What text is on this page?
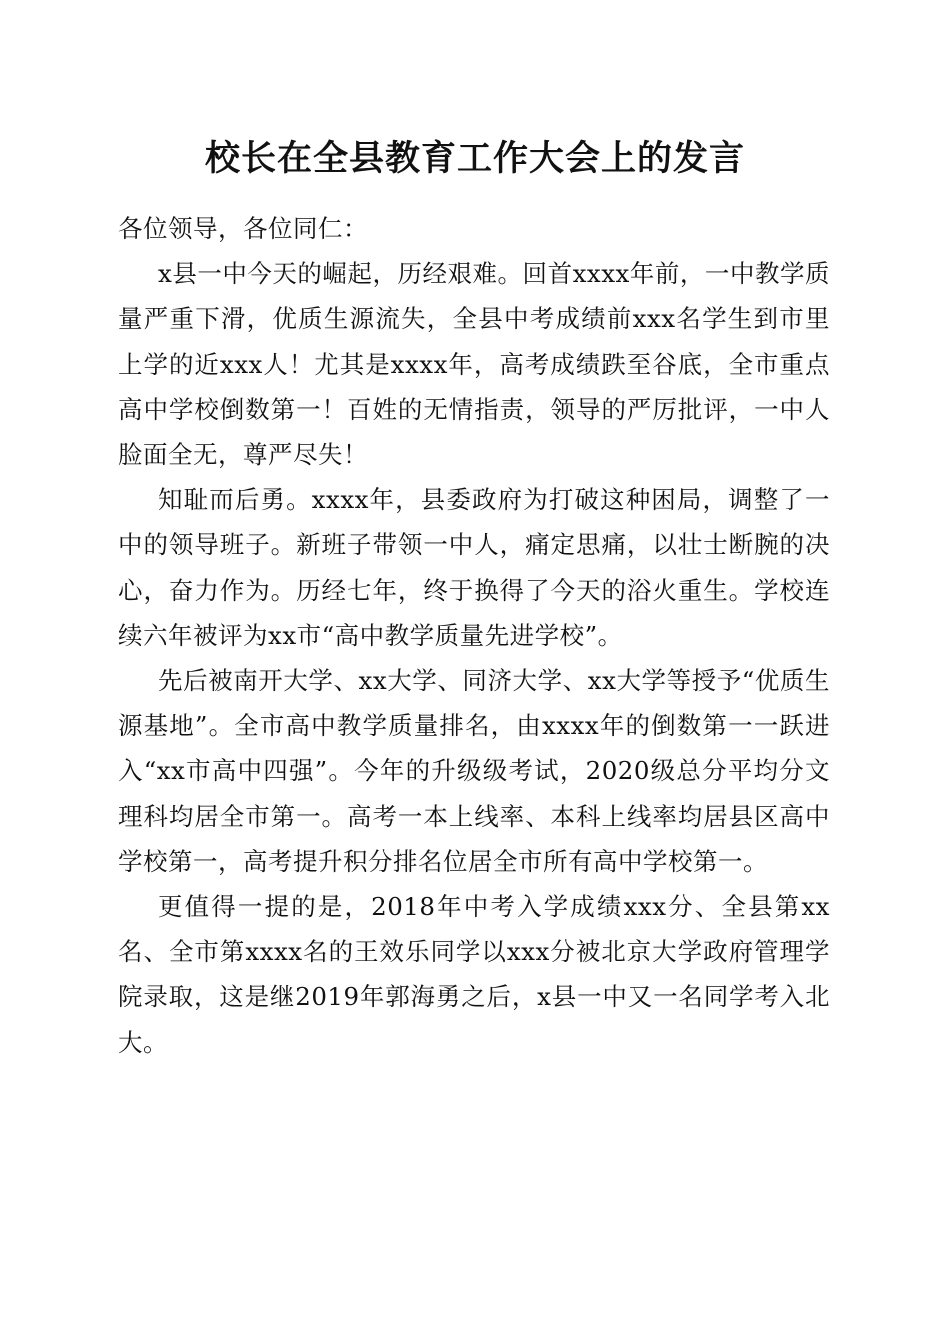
校长在全县教育工作大会上的发言

各位领导，各位同仁：

x县一中今天的崛起，历经艰难。回首xxxx年前，一中教学质量严重下滑，优质生源流失，全县中考成绩前xxx名学生到市里上学的近xxx人！尤其是xxxx年，高考成绩跌至谷底，全市重点高中学校倒数第一！百姓的无情指责，领导的严厉批评，一中人脸面全无，尊严尽失！

知耻而后勇。xxxx年，县委政府为打破这种困局，调整了一中的领导班子。新班子带领一中人，痛定思痛，以壮士断腕的决心，奋力作为。历经七年，终于换得了今天的浴火重生。学校连续六年被评为xx市“高中教学质量先进学校”。

先后被南开大学、xx大学、同济大学、xx大学等授予“优质生源基地”。全市高中教学质量排名，由xxxx年的倒数第一一跃进入“xx市高中四强”。今年的升级级考试，2020级总分平均分文理科均居全市第一。高考一本上线率、本科上线率均居县区高中学校第一，高考提升积分排名位居全市所有高中学校第一。

更值得一提的是，2018年中考入学成绩xxx分、全县第xx名、全市第xxxx名的王效乐同学以xxx分被北京大学政府管理学院录取，这是继2019年郭海勇之后，x县一中又一名同学考入北大。
